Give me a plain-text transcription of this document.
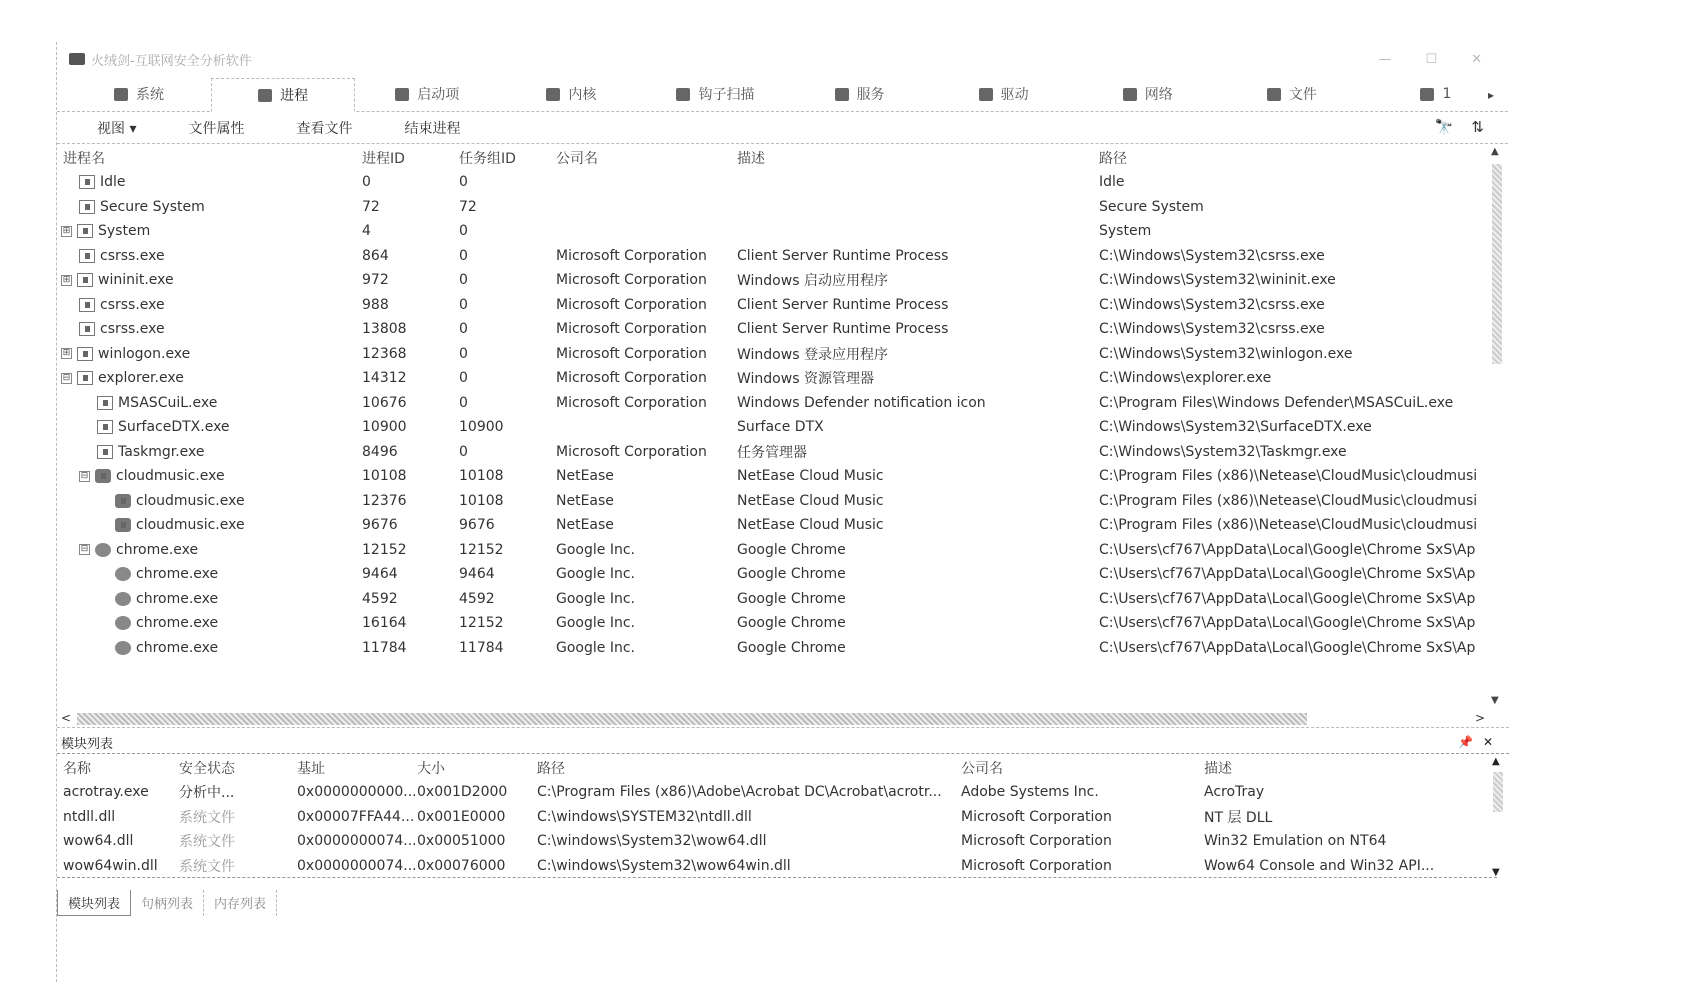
火绒剑-互联网安全分析软件	—	☐	✕
系统	进程	启动项	内核	钩子扫描	服务	驱动	网络	文件	1	▸
视图 ▾	文件属性	查看文件	结束进程	🔭 ⇅
进程名	进程ID	任务组ID	公司名	描述	路径

Idle	0	0			Idle

Secure System	72	72			Secure System

⊞ System	4	0			System

csrss.exe	864	0	Microsoft Corporation	Client Server Runtime Process	C:\Windows\System32\csrss.exe

⊞ wininit.exe	972	0	Microsoft Corporation	Windows 启动应用程序	C:\Windows\System32\wininit.exe

csrss.exe	988	0	Microsoft Corporation	Client Server Runtime Process	C:\Windows\System32\csrss.exe

csrss.exe	13808	0	Microsoft Corporation	Client Server Runtime Process	C:\Windows\System32\csrss.exe

⊞ winlogon.exe	12368	0	Microsoft Corporation	Windows 登录应用程序	C:\Windows\System32\winlogon.exe

⊟ explorer.exe	14312	0	Microsoft Corporation	Windows 资源管理器	C:\Windows\explorer.exe

MSASCuiL.exe	10676	0	Microsoft Corporation	Windows Defender notification icon	C:\Program Files\Windows Defender\MSASCuiL.exe

SurfaceDTX.exe	10900	10900		Surface DTX	C:\Windows\System32\SurfaceDTX.exe

Taskmgr.exe	8496	0	Microsoft Corporation	任务管理器	C:\Windows\System32\Taskmgr.exe

⊟ cloudmusic.exe	10108	10108	NetEase	NetEase Cloud Music	C:\Program Files (x86)\Netease\CloudMusic\cloudmusi

cloudmusic.exe	12376	10108	NetEase	NetEase Cloud Music	C:\Program Files (x86)\Netease\CloudMusic\cloudmusi

cloudmusic.exe	9676	9676	NetEase	NetEase Cloud Music	C:\Program Files (x86)\Netease\CloudMusic\cloudmusi

⊟ chrome.exe	12152	12152	Google Inc.	Google Chrome	C:\Users\cf767\AppData\Local\Google\Chrome SxS\Ap

chrome.exe	9464	9464	Google Inc.	Google Chrome	C:\Users\cf767\AppData\Local\Google\Chrome SxS\Ap

chrome.exe	4592	4592	Google Inc.	Google Chrome	C:\Users\cf767\AppData\Local\Google\Chrome SxS\Ap

chrome.exe	16164	12152	Google Inc.	Google Chrome	C:\Users\cf767\AppData\Local\Google\Chrome SxS\Ap

chrome.exe	11784	11784	Google Inc.	Google Chrome	C:\Users\cf767\AppData\Local\Google\Chrome SxS\Ap
▲
▼
<	>
模块列表	📌 ✕
名称	安全状态	基址	大小	路径	公司名	描述
acrotray.exe	分析中...	0x0000000000...	0x001D2000	C:\Program Files (x86)\Adobe\Acrobat DC\Acrobat\acrotr...	Adobe Systems Inc.	AcroTray
ntdll.dll	系统文件	0x00007FFA44...	0x001E0000	C:\windows\SYSTEM32\ntdll.dll	Microsoft Corporation	NT 层 DLL
wow64.dll	系统文件	0x0000000074...	0x00051000	C:\windows\System32\wow64.dll	Microsoft Corporation	Win32 Emulation on NT64
wow64win.dll	系统文件	0x0000000074...	0x00076000	C:\windows\System32\wow64win.dll	Microsoft Corporation	Wow64 Console and Win32 API...
▲
▼
模块列表	句柄列表	内存列表
